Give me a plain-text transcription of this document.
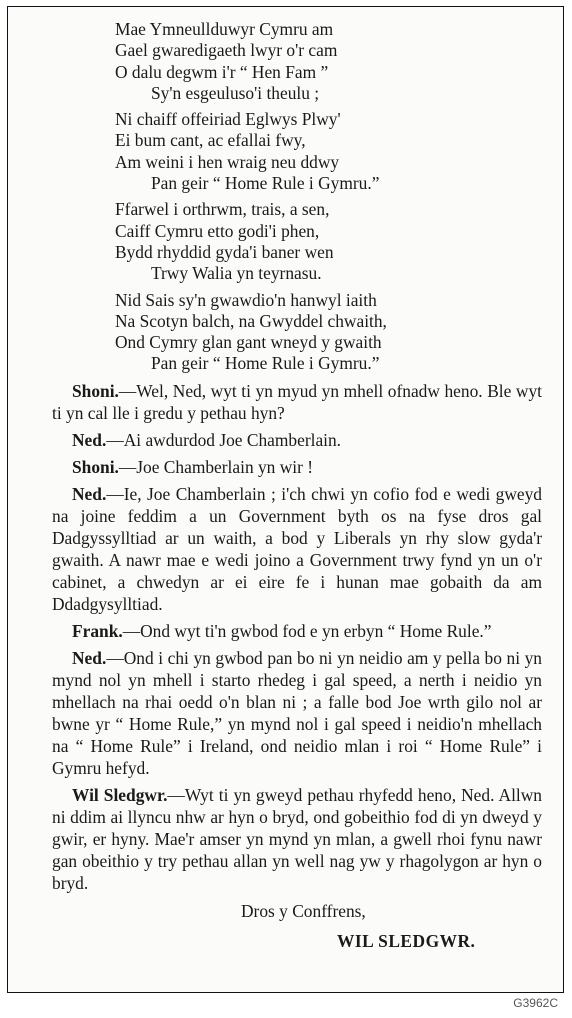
Mae Ymneullduwyr Cymru am
Gael gwaredigaeth lwyr o'r cam
O dalu degwm i'r “ Hen Fam ”
Sy'n esgeuluso'i theulu ;
Ni chaiff offeiriad Eglwys Plwy'
Ei bum cant, ac efallai fwy,
Am weini i hen wraig neu ddwy
Pan geir “ Home Rule i Gymru.”
Ffarwel i orthrwm, trais, a sen,
Caiff Cymru etto godi'i phen,
Bydd rhyddid gyda'i baner wen
Trwy Walia yn teyrnasu.
Nid Sais sy'n gwawdio'n hanwyl iaith
Na Scotyn balch, na Gwyddel chwaith,
Ond Cymry glan gant wneyd y gwaith
Pan geir “ Home Rule i Gymru.”

Shoni.—Wel, Ned, wyt ti yn myud yn mhell ofnadw heno. Ble wyt ti yn cal lle i gredu y pethau hyn?

Ned.—Ai awdurdod Joe Chamberlain.

Shoni.—Joe Chamberlain yn wir !

Ned.—Ie, Joe Chamberlain ; i'ch chwi yn cofio fod e wedi gweyd na joine feddim a un Government byth os na fyse dros gal Dadgyssylltiad ar un waith, a bod y Liberals yn rhy slow gyda'r gwaith. A nawr mae e wedi joino a Government trwy fynd yn un o'r cabinet, a chwedyn ar ei eire fe i hunan mae gobaith da am Ddadgysylltiad.

Frank.—Ond wyt ti'n gwbod fod e yn erbyn “ Home Rule.”

Ned.—Ond i chi yn gwbod pan bo ni yn neidio am y pella bo ni yn mynd nol yn mhell i starto rhedeg i gal speed, a nerth i neidio yn mhellach na rhai oedd o'n blan ni ; a falle bod Joe wrth gilo nol ar bwne yr “ Home Rule,” yn mynd nol i gal speed i neidio'n mhellach na “ Home Rule” i Ireland, ond neidio mlan i roi “ Home Rule” i Gymru hefyd.

Wil Sledgwr.—Wyt ti yn gweyd pethau rhyfedd heno, Ned. Allwn ni ddim ai llyncu nhw ar hyn o bryd, ond gobeithio fod di yn dweyd y gwir, er hyny. Mae'r amser yn mynd yn mlan, a gwell rhoi fynu nawr gan obeithio y try pethau allan yn well nag yw y rhagolygon ar hyn o bryd.

Dros y Conffrens,
WIL SLEDGWR.
G3962C
